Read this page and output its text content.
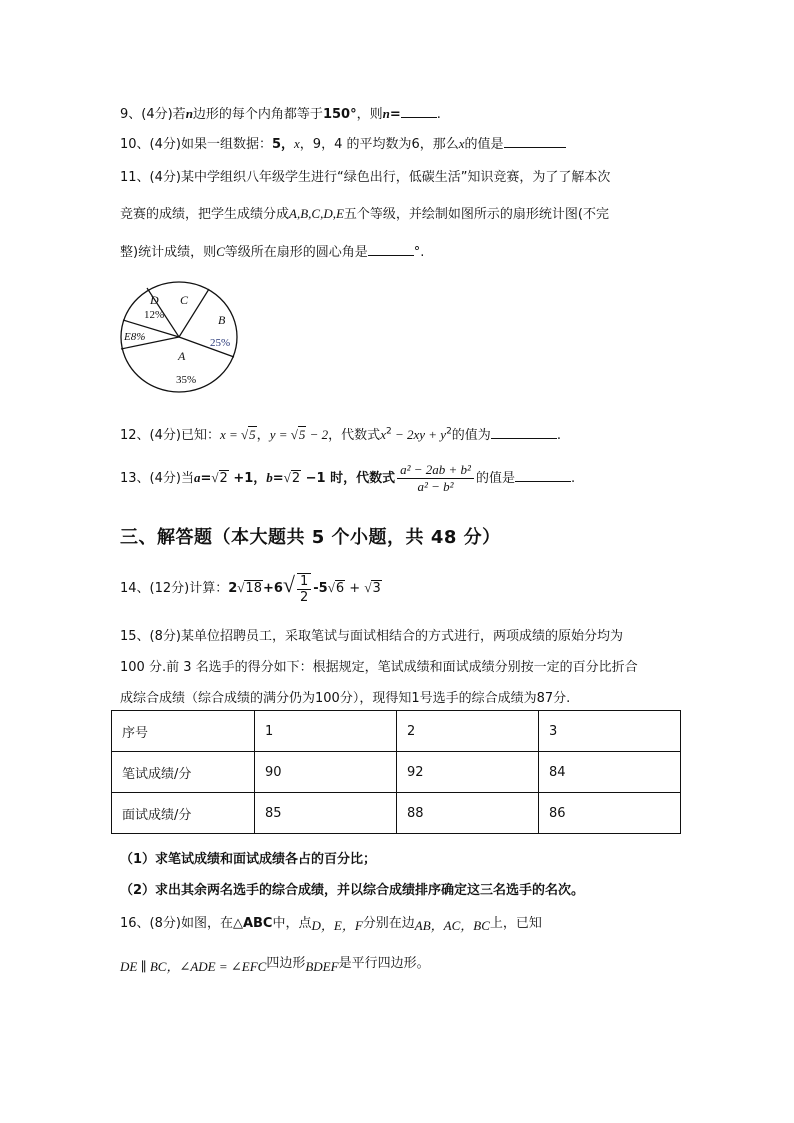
9、(4分)若n边形的每个内角都等于150°，则n=	.
10、(4分)如果一组数据：5，x，9，4 的平均数为6，那么x的值是
11、(4分)某中学组织八年级学生进行“绿色出行，低碳生活”知识竞赛，为了了解本次
竞赛的成绩，把学生成绩分成A,B,C,D,E五个等级，并绘制如图所示的扇形统计图(不完
整)统计成绩，则C等级所在扇形的圆心角是	°.
A
35%
B
25%
C
D
12%
E8%
12、(4分)已知：x = √5，y = √5 − 2，代数式$x^2 - 2xy + y^2$的值为	.
13、(4分)当a=√2 +1，b=√2 −1 时，代数式 $\frac{\text{a² − 2ab + b²}}{\text{a² − b²}}$ 的值是	.
三、解答题（本大题共 5 个小题，共 48 分）
14、(12分)计算：$2√18+6√ \frac{1}{2} -5√6 + √3$
15、(8分)某单位招聘员工，采取笔试与面试相结合的方式进行，两项成绩的原始分均为
100 分.前 3 名选手的得分如下：根据规定，笔试成绩和面试成绩分别按一定的百分比折合
成综合成绩（综合成绩的满分仍为100分），现得知1号选手的综合成绩为87分.
序号	1	2	3
笔试成绩/分	90	92	84
面试成绩/分	85	88	86
（1）求笔试成绩和面试成绩各占的百分比；
（2）求出其余两名选手的综合成绩，并以综合成绩排序确定这三名选手的名次。
16、(8分)如图，在△ABC中，点D，E，F分别在边AB，AC，BC上，已知
DE ∥ BC，∠ADE = ∠EFC四边形BDEF是平行四边形。
